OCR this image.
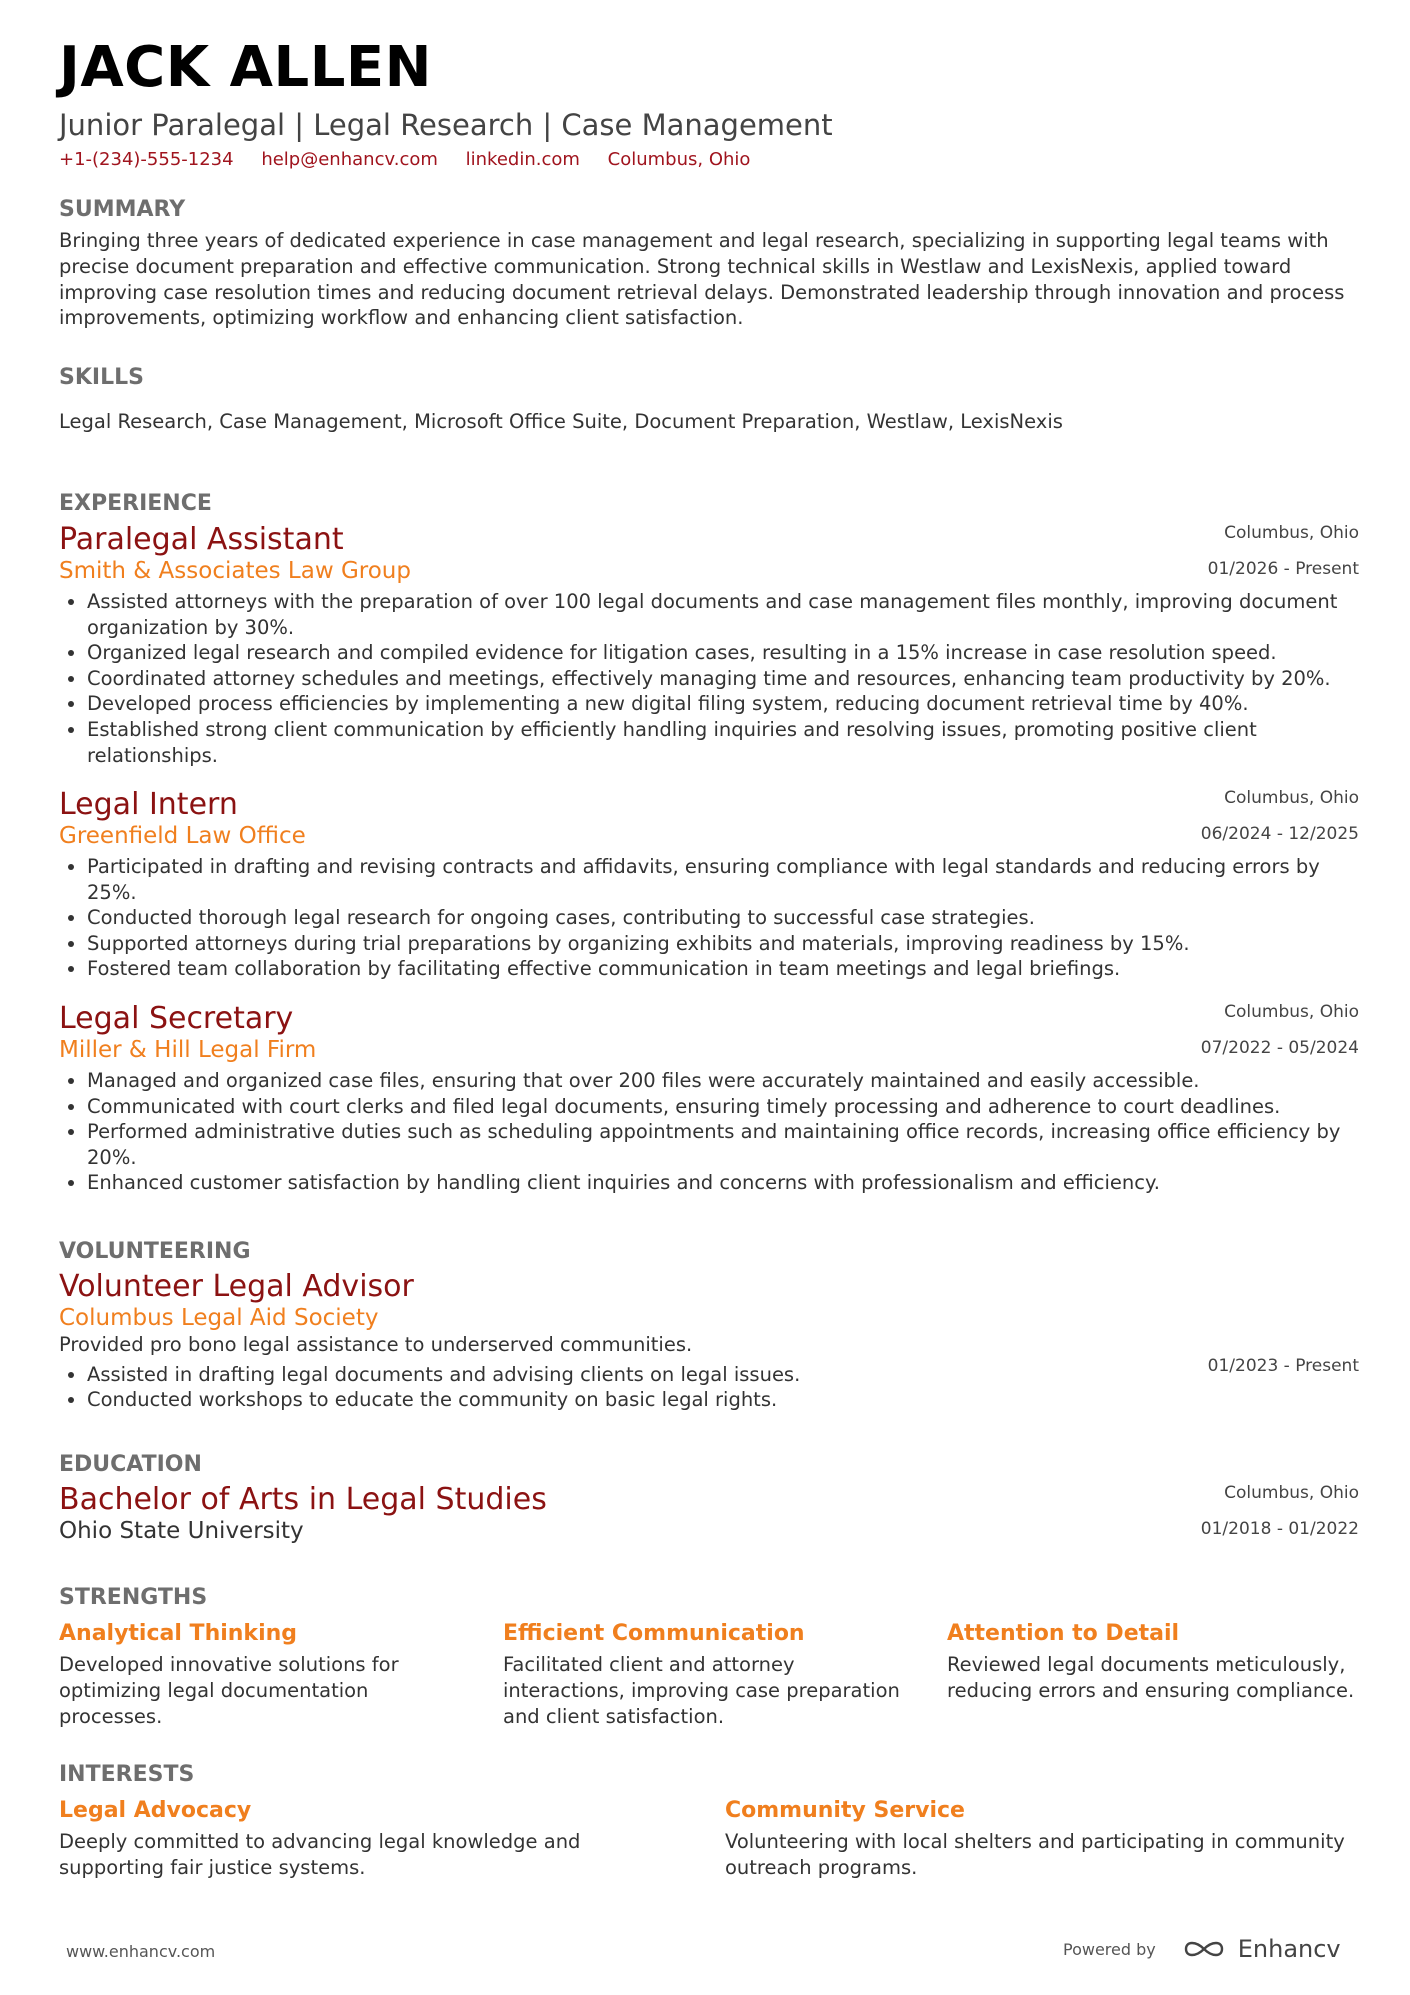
JACK ALLEN
Junior Paralegal | Legal Research | Case Management
+1-(234)-555-1234 help@enhancv.com linkedin.com Columbus, Ohio
SUMMARY
Bringing three years of dedicated experience in case management and legal research, specializing in supporting legal teams with precise document preparation and effective communication. Strong technical skills in Westlaw and LexisNexis, applied toward improving case resolution times and reducing document retrieval delays. Demonstrated leadership through innovation and process improvements, optimizing workflow and enhancing client satisfaction.
SKILLS
Legal Research, Case Management, Microsoft Office Suite, Document Preparation, Westlaw, LexisNexis
EXPERIENCE
Columbus, Ohio
01/2026 - Present
Paralegal Assistant
Smith & Associates Law Group
• Assisted attorneys with the preparation of over 100 legal documents and case management files monthly, improving document organization by 30%.
• Organized legal research and compiled evidence for litigation cases, resulting in a 15% increase in case resolution speed.
• Coordinated attorney schedules and meetings, effectively managing time and resources, enhancing team productivity by 20%.
• Developed process efficiencies by implementing a new digital filing system, reducing document retrieval time by 40%.
• Established strong client communication by efficiently handling inquiries and resolving issues, promoting positive client relationships.
Columbus, Ohio
06/2024 - 12/2025
Legal Intern
Greenfield Law Office
• Participated in drafting and revising contracts and affidavits, ensuring compliance with legal standards and reducing errors by 25%.
• Conducted thorough legal research for ongoing cases, contributing to successful case strategies.
• Supported attorneys during trial preparations by organizing exhibits and materials, improving readiness by 15%.
• Fostered team collaboration by facilitating effective communication in team meetings and legal briefings.
Columbus, Ohio
07/2022 - 05/2024
Legal Secretary
Miller & Hill Legal Firm
• Managed and organized case files, ensuring that over 200 files were accurately maintained and easily accessible.
• Communicated with court clerks and filed legal documents, ensuring timely processing and adherence to court deadlines.
• Performed administrative duties such as scheduling appointments and maintaining office records, increasing office efficiency by 20%.
• Enhanced customer satisfaction by handling client inquiries and concerns with professionalism and efficiency.
VOLUNTEERING
01/2023 - Present
Volunteer Legal Advisor
Columbus Legal Aid Society
Provided pro bono legal assistance to underserved communities.
• Assisted in drafting legal documents and advising clients on legal issues.
• Conducted workshops to educate the community on basic legal rights.
EDUCATION
Columbus, Ohio
01/2018 - 01/2022
Bachelor of Arts in Legal Studies
Ohio State University
STRENGTHS
Analytical Thinking
Developed innovative solutions for optimizing legal documentation processes.
Efficient Communication
Facilitated client and attorney interactions, improving case preparation and client satisfaction.
Attention to Detail
Reviewed legal documents meticulously, reducing errors and ensuring compliance.
INTERESTS
Legal Advocacy
Deeply committed to advancing legal knowledge and supporting fair justice systems.
Community Service
Volunteering with local shelters and participating in community outreach programs.
www.enhancv.com	Powered by	Enhancv
